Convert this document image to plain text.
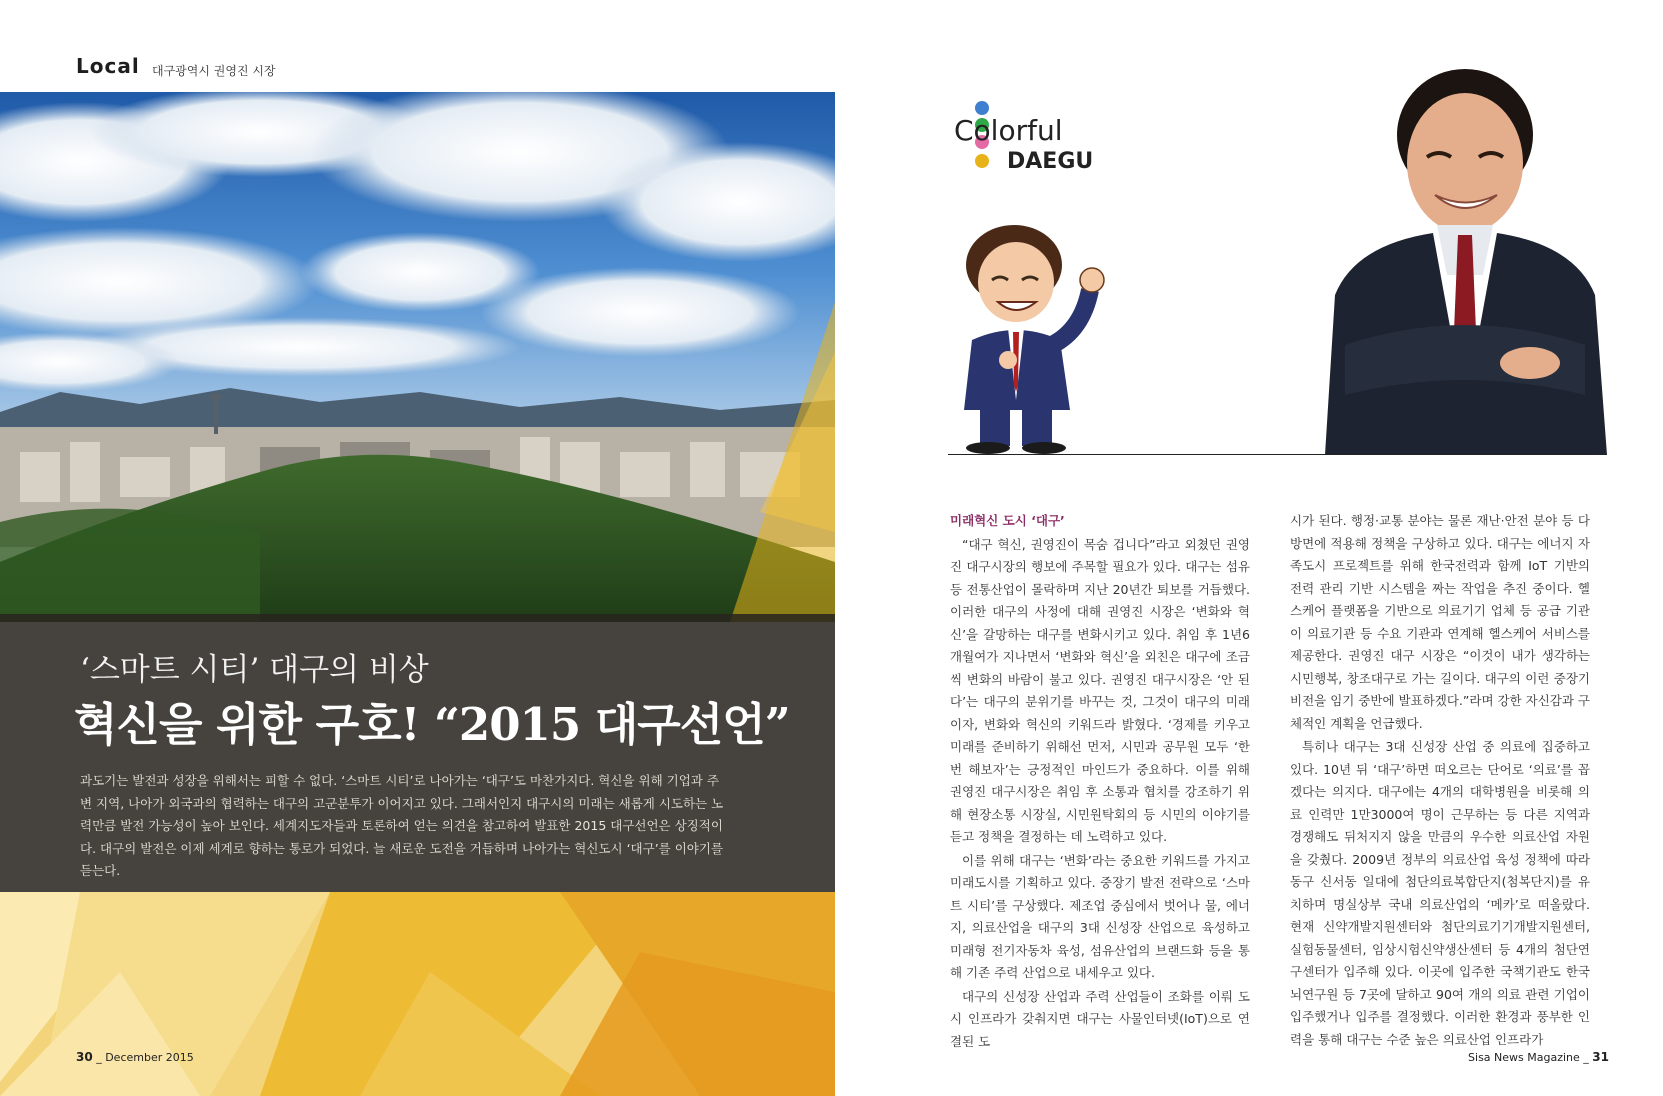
Local 대구광역시 권영진 시장
‘스마트 시티’ 대구의 비상
혁신을 위한 구호! “2015 대구선언”
과도기는 발전과 성장을 위해서는 피할 수 없다. ‘스마트 시티’로 나아가는 ‘대구’도 마찬가지다. 혁신을 위해 기업과 주변 지역, 나아가 외국과의 협력하는 대구의 고군분투가 이어지고 있다. 그래서인지 대구시의 미래는 새롭게 시도하는 노력만큼 발전 가능성이 높아 보인다. 세계지도자들과 토론하여 얻는 의견을 참고하여 발표한 2015 대구선언은 상징적이다. 대구의 발전은 이제 세계로 향하는 통로가 되었다. 늘 새로운 도전을 거듭하며 나아가는 혁신도시 ‘대구’를 이야기를 듣는다.
30 _ December 2015
Colorful
DAEGU

미래혁신 도시 ‘대구’

“대구 혁신, 권영진이 목숨 겁니다”라고 외쳤던 권영진 대구시장의 행보에 주목할 필요가 있다. 대구는 섬유 등 전통산업이 몰락하며 지난 20년간 퇴보를 거듭했다. 이러한 대구의 사정에 대해 권영진 시장은 ‘변화와 혁신’을 갈망하는 대구를 변화시키고 있다. 취임 후 1년6개월여가 지나면서 ‘변화와 혁신’을 외친은 대구에 조금씩 변화의 바람이 불고 있다. 권영진 대구시장은 ‘안 된다’는 대구의 분위기를 바꾸는 것, 그것이 대구의 미래이자, 변화와 혁신의 키워드라 밝혔다. ‘경제를 키우고 미래를 준비하기 위해선 먼저, 시민과 공무원 모두 ‘한번 해보자’는 긍정적인 마인드가 중요하다. 이를 위해 권영진 대구시장은 취임 후 소통과 협치를 강조하기 위해 현장소통 시장실, 시민원탁회의 등 시민의 이야기를 듣고 정책을 결정하는 데 노력하고 있다.

이를 위해 대구는 ‘변화’라는 중요한 키워드를 가지고 미래도시를 기획하고 있다. 중장기 발전 전략으로 ‘스마트 시티’를 구상했다. 제조업 중심에서 벗어나 물, 에너지, 의료산업을 대구의 3대 신성장 산업으로 육성하고 미래형 전기자동차 육성, 섬유산업의 브랜드화 등을 통해 기존 주력 산업으로 내세우고 있다.

대구의 신성장 산업과 주력 산업들이 조화를 이뤄 도시 인프라가 갖춰지면 대구는 사물인터넷(IoT)으로 연결된 도

시가 된다. 행정·교통 분야는 물론 재난·안전 분야 등 다방면에 적용해 정책을 구상하고 있다. 대구는 에너지 자족도시 프로젝트를 위해 한국전력과 함께 IoT 기반의 전력 관리 기반 시스템을 짜는 작업을 추진 중이다. 헬스케어 플랫폼을 기반으로 의료기기 업체 등 공급 기관이 의료기관 등 수요 기관과 연계해 헬스케어 서비스를 제공한다. 권영진 대구 시장은 “이것이 내가 생각하는 시민행복, 창조대구로 가는 길이다. 대구의 이런 중장기 비전을 임기 중반에 발표하겠다.”라며 강한 자신감과 구체적인 계획을 언급했다.

특히나 대구는 3대 신성장 산업 중 의료에 집중하고 있다. 10년 뒤 ‘대구’하면 떠오르는 단어로 ‘의료’를 꼽겠다는 의지다. 대구에는 4개의 대학병원을 비롯해 의료 인력만 1만3000여 명이 근무하는 등 다른 지역과 경쟁해도 뒤처지지 않을 만큼의 우수한 의료산업 자원을 갖췄다. 2009년 정부의 의료산업 육성 정책에 따라 동구 신서동 일대에 첨단의료복합단지(첨복단지)를 유치하며 명실상부 국내 의료산업의 ‘메카’로 떠올랐다. 현재 신약개발지원센터와 첨단의료기기개발지원센터, 실험동물센터, 임상시험신약생산센터 등 4개의 첨단연구센터가 입주해 있다. 이곳에 입주한 국책기관도 한국뇌연구원 등 7곳에 달하고 90여 개의 의료 관련 기업이 입주했거나 입주를 결정했다. 이러한 환경과 풍부한 인력을 통해 대구는 수준 높은 의료산업 인프라가

Sisa News Magazine _ 31
